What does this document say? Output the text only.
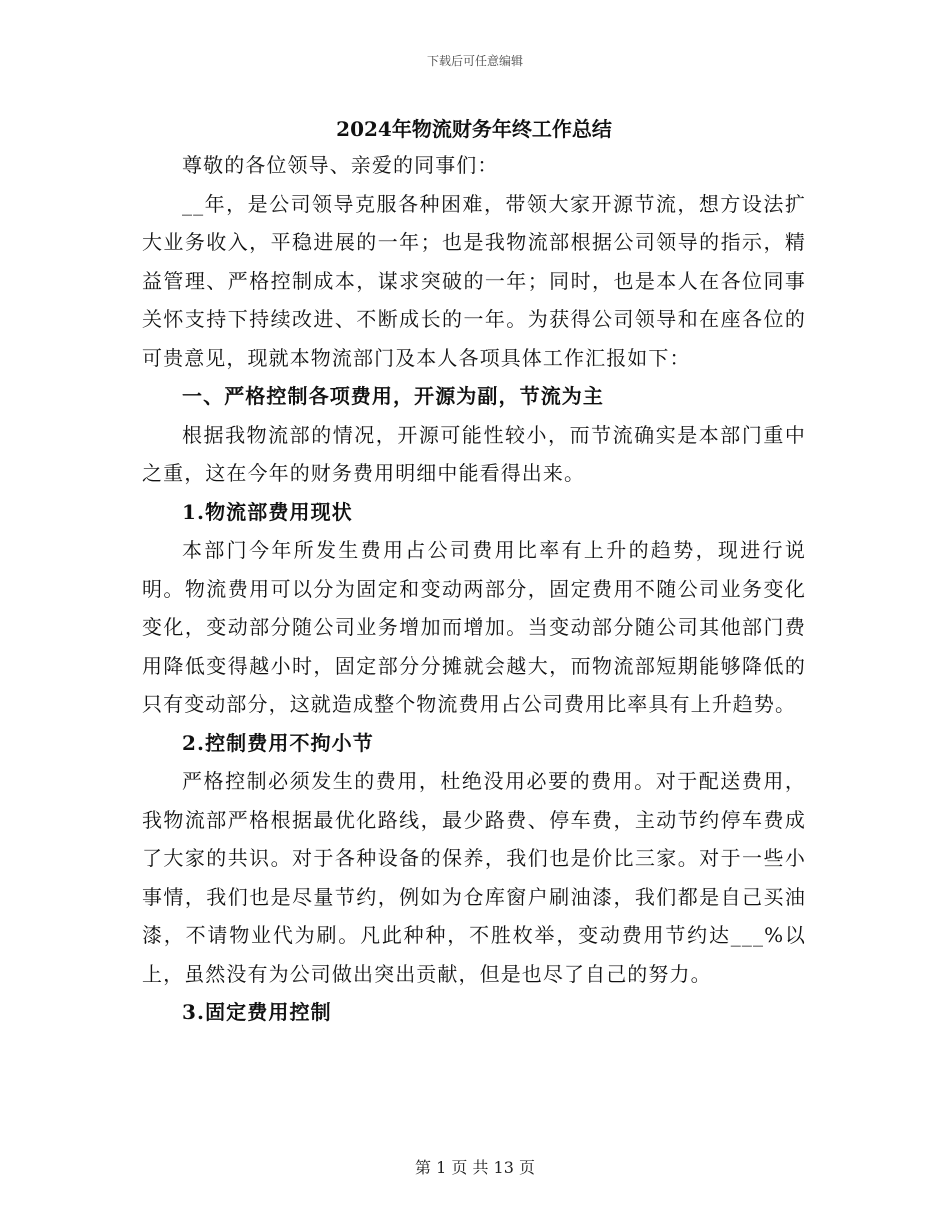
下载后可任意编辑
2024年物流财务年终工作总结
尊敬的各位领导、亲爱的同事们：
__年，是公司领导克服各种困难，带领大家开源节流，想方设法扩大业务收入，平稳进展的一年；也是我物流部根据公司领导的指示，精益管理、严格控制成本，谋求突破的一年；同时，也是本人在各位同事关怀支持下持续改进、不断成长的一年。为获得公司领导和在座各位的可贵意见，现就本物流部门及本人各项具体工作汇报如下：
一、严格控制各项费用，开源为副，节流为主
根据我物流部的情况，开源可能性较小，而节流确实是本部门重中之重，这在今年的财务费用明细中能看得出来。
1.物流部费用现状
本部门今年所发生费用占公司费用比率有上升的趋势，现进行说明。物流费用可以分为固定和变动两部分，固定费用不随公司业务变化变化，变动部分随公司业务增加而增加。当变动部分随公司其他部门费用降低变得越小时，固定部分分摊就会越大，而物流部短期能够降低的只有变动部分，这就造成整个物流费用占公司费用比率具有上升趋势。
2.控制费用不拘小节
严格控制必须发生的费用，杜绝没用必要的费用。对于配送费用，我物流部严格根据最优化路线，最少路费、停车费，主动节约停车费成了大家的共识。对于各种设备的保养，我们也是价比三家。对于一些小事情，我们也是尽量节约，例如为仓库窗户刷油漆，我们都是自己买油漆，不请物业代为刷。凡此种种，不胜枚举，变动费用节约达___%以上，虽然没有为公司做出突出贡献，但是也尽了自己的努力。
3.固定费用控制
第 1 页 共 13 页
